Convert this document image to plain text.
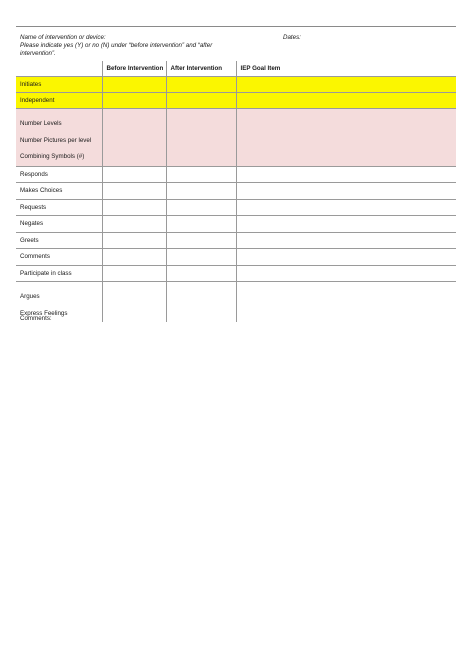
Name of intervention or device:
Please indicate yes (Y) or no (N) under “before intervention” and “after intervention”.
Dates:
	Before Intervention	After Intervention	IEP Goal Item
Initiates			
Independent			

Number Levels
Number Pictures per level
Combining Symbols (#)			

Responds			
Makes Choices			
Requests			
Negates			
Greets			
Comments			
Participate in class			

Argues
Express Feelings			

Comments:
